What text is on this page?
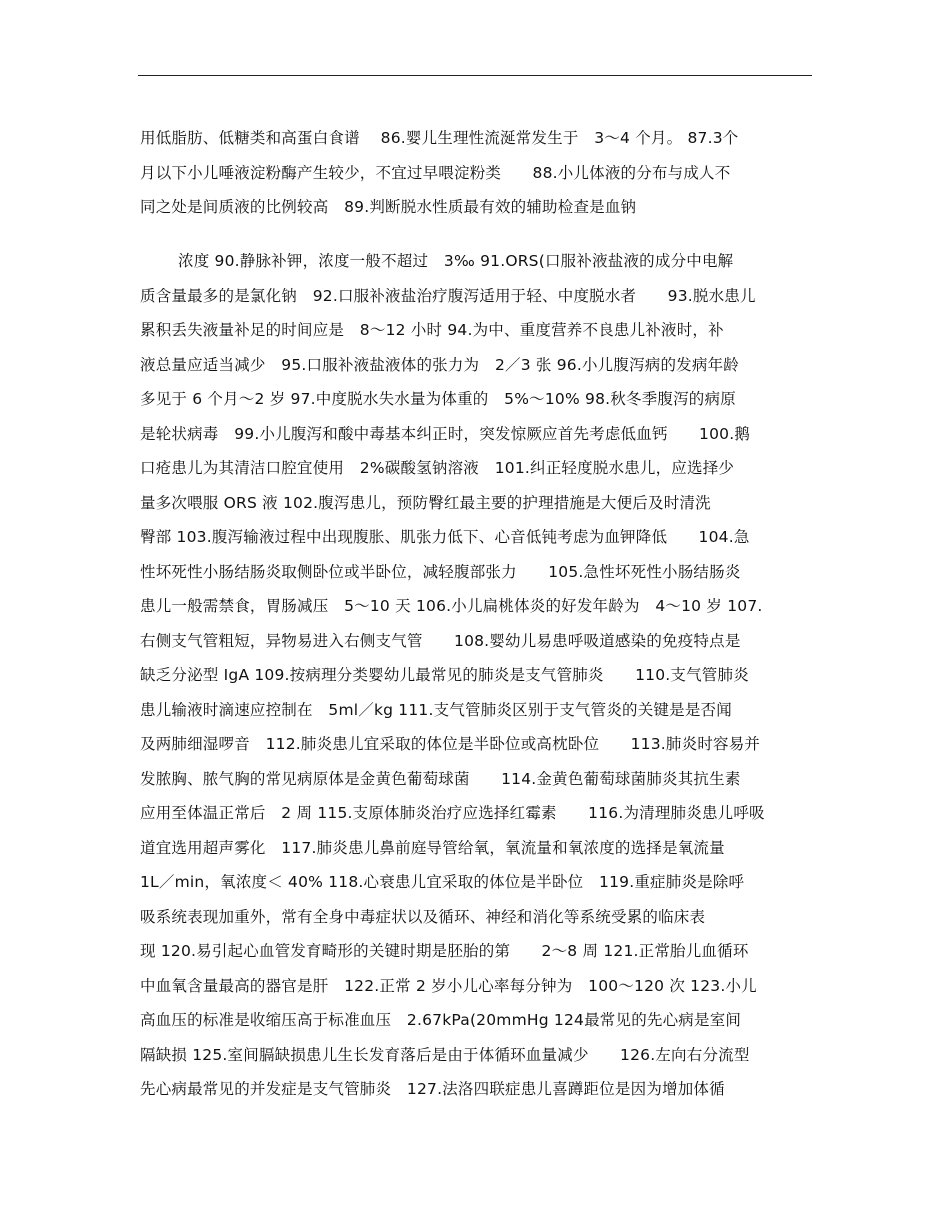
用低脂肪、低糖类和高蛋白食谱　 86.婴儿生理性流涎常发生于　3～4 个月。 87.3个
月以下小儿唾液淀粉酶产生较少，不宜过早喂淀粉类　　88.小儿体液的分布与成人不
同之处是间质液的比例较高　89.判断脱水性质最有效的辅助检查是血钠
浓度 90.静脉补钾，浓度一般不超过　3‰ 91.ORS(口服补液盐液的成分中电解
质含量最多的是氯化钠　92.口服补液盐治疗腹泻适用于轻、中度脱水者　　93.脱水患儿
累积丢失液量补足的时间应是　8～12 小时 94.为中、重度营养不良患儿补液时，补
液总量应适当减少　95.口服补液盐液体的张力为　2／3 张 96.小儿腹泻病的发病年龄
多见于 6 个月～2 岁 97.中度脱水失水量为体重的　5%～10% 98.秋冬季腹泻的病原
是轮状病毒　99.小儿腹泻和酸中毒基本纠正时，突发惊厥应首先考虑低血钙　　100.鹅
口疮患儿为其清洁口腔宜使用　2%碳酸氢钠溶液　101.纠正轻度脱水患儿，应选择少
量多次喂服 ORS 液 102.腹泻患儿，预防臀红最主要的护理措施是大便后及时清洗
臀部 103.腹泻输液过程中出现腹胀、肌张力低下、心音低钝考虑为血钾降低　　104.急
性坏死性小肠结肠炎取侧卧位或半卧位，减轻腹部张力　　105.急性坏死性小肠结肠炎
患儿一般需禁食，胃肠减压　5～10 天 106.小儿扁桃体炎的好发年龄为　4～10 岁 107.
右侧支气管粗短，异物易进入右侧支气管　　108.婴幼儿易患呼吸道感染的免疫特点是
缺乏分泌型 IgA 109.按病理分类婴幼儿最常见的肺炎是支气管肺炎　　110.支气管肺炎
患儿输液时滴速应控制在　5ml／kg 111.支气管肺炎区别于支气管炎的关键是是否闻
及两肺细湿啰音　112.肺炎患儿宜采取的体位是半卧位或高枕卧位　　113.肺炎时容易并
发脓胸、脓气胸的常见病原体是金黄色葡萄球菌　　114.金黄色葡萄球菌肺炎其抗生素
应用至体温正常后　2 周 115.支原体肺炎治疗应选择红霉素　　116.为清理肺炎患儿呼吸
道宜选用超声雾化　117.肺炎患儿鼻前庭导管给氧，氧流量和氧浓度的选择是氧流量
1L／min，氧浓度＜ 40% 118.心衰患儿宜采取的体位是半卧位　119.重症肺炎是除呼
吸系统表现加重外，常有全身中毒症状以及循环、神经和消化等系统受累的临床表
现 120.易引起心血管发育畸形的关键时期是胚胎的第　　2～8 周 121.正常胎儿血循环
中血氧含量最高的器官是肝　122.正常 2 岁小儿心率每分钟为　100～120 次 123.小儿
高血压的标准是收缩压高于标准血压　2.67kPa(20mmHg 124最常见的先心病是室间
隔缺损 125.室间膈缺损患儿生长发育落后是由于体循环血量减少　　126.左向右分流型
先心病最常见的并发症是支气管肺炎　127.法洛四联症患儿喜蹲距位是因为增加体循
